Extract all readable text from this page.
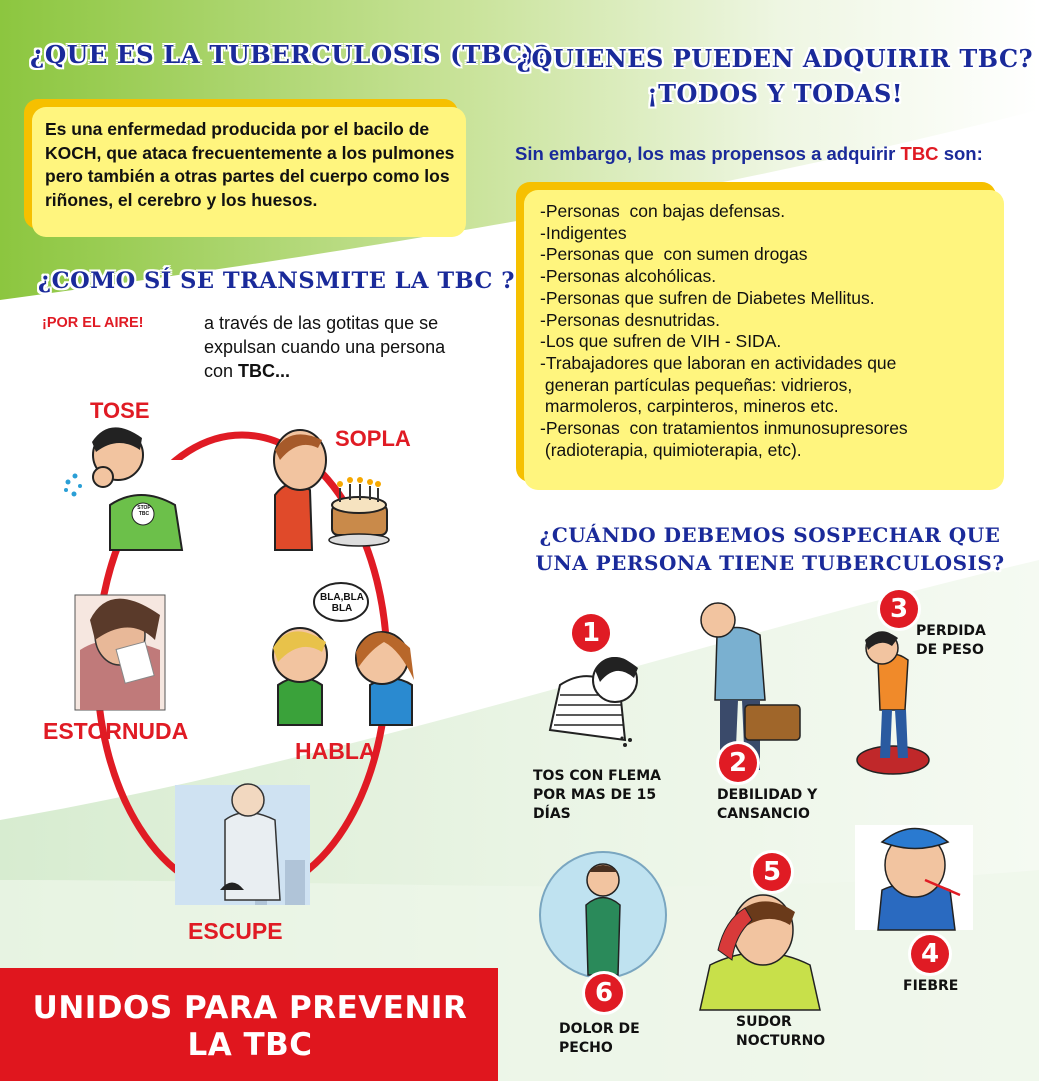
¿QUE ES LA TUBERCULOSIS (TBC)?
Es una enfermedad producida por el bacilo de KOCH, que ataca frecuentemente a los pulmones pero también a otras partes del cuerpo como los riñones, el cerebro y los huesos.
¿COMO SÍ SE TRANSMITE LA TBC ?
¡POR EL AIRE!	a través de las gotitas que se expulsan cuando una persona con TBC...
TOSE
SOPLA
ESTORNUDA
HABLA
ESCUPE
BLA,BLA BLA
STOP TBC
UNIDOS PARA PREVENIR LA TBC
¿QUIENES PUEDEN ADQUIRIR TBC?
¡TODOS Y TODAS!
Sin embargo, los mas propensos a adquirir TBC son:
-Personas  con bajas defensas.
-Indigentes
-Personas que  con sumen drogas
-Personas alcohólicas.
-Personas que sufren de Diabetes Mellitus.
-Personas desnutridas.
-Los que sufren de VIH - SIDA.
-Trabajadores que laboran en actividades que
generan partículas pequeñas: vidrieros,
marmoleros, carpinteros, mineros etc.
-Personas  con tratamientos inmunosupresores
(radioterapia, quimioterapia, etc).
¿CUÁNDO DEBEMOS SOSPECHAR QUE UNA PERSONA TIENE TUBERCULOSIS?
1
2
3
4
5
6
TOS CON FLEMA POR MAS DE 15 DÍAS
DEBILIDAD Y CANSANCIO
PERDIDA DE PESO
FIEBRE
SUDOR NOCTURNO
DOLOR DE PECHO
